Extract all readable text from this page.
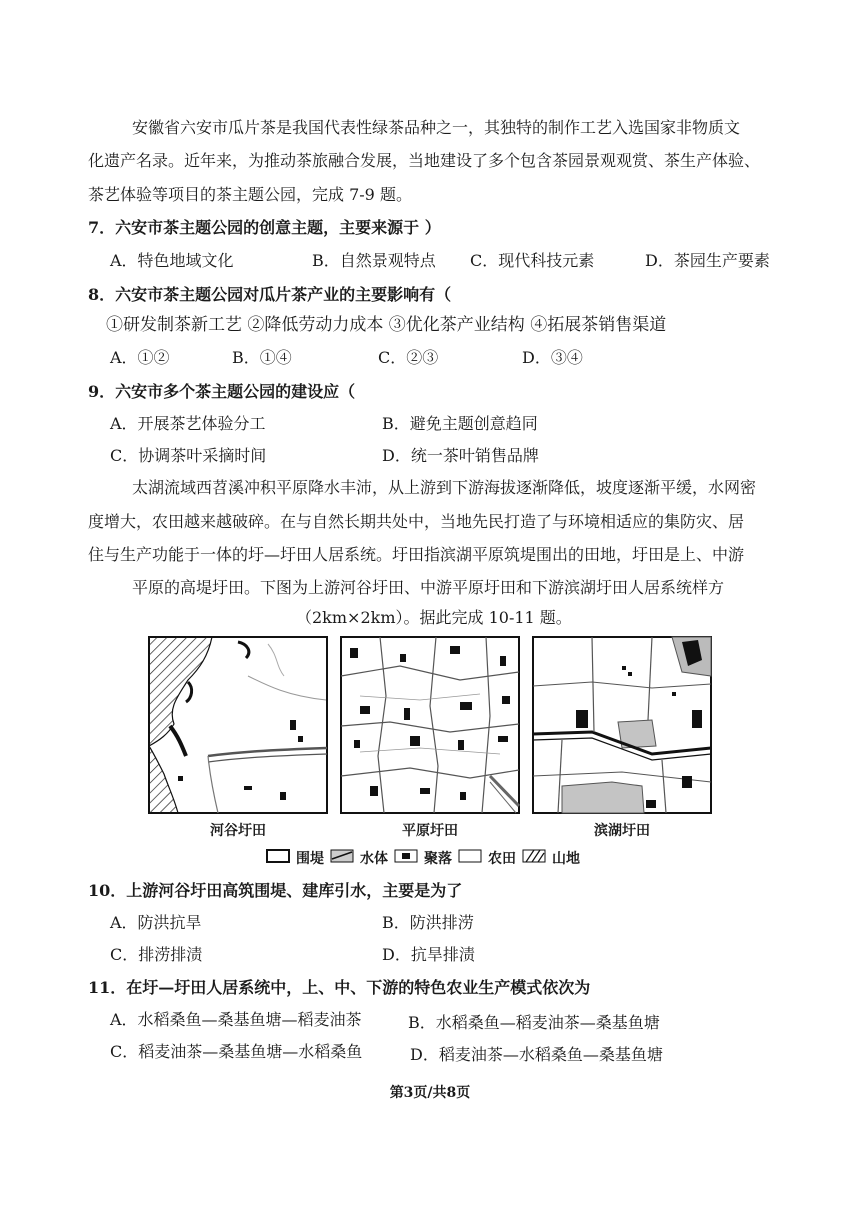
安徽省六安市瓜片茶是我国代表性绿茶品种之一，其独特的制作工艺入选国家非物质文
化遗产名录。近年来，为推动茶旅融合发展，当地建设了多个包含茶园景观观赏、茶生产体验、
茶艺体验等项目的茶主题公园，完成 7-9 题。
7．六安市茶主题公园的创意主题，主要来源于 ）
A．特色地域文化	B．自然景观特点 C．现代科技元素	D．茶园生产要素
8．六安市茶主题公园对瓜片茶产业的主要影响有（
①研发制茶新工艺 ②降低劳动力成本 ③优化茶产业结构 ④拓展茶销售渠道
A．①②	B．①④	C．②③	D．③④
9．六安市多个茶主题公园的建设应（
A．开展茶艺体验分工	B．避免主题创意趋同
C．协调茶叶采摘时间	D．统一茶叶销售品牌
太湖流域西苕溪冲积平原降水丰沛，从上游到下游海拔逐渐降低，坡度逐渐平缓，水网密
度增大，农田越来越破碎。在与自然长期共处中，当地先民打造了与环境相适应的集防灾、居
住与生产功能于一体的圩—圩田人居系统。圩田指滨湖平原筑堤围出的田地，圩田是上、中游
平原的高堤圩田。下图为上游河谷圩田、中游平原圩田和下游滨湖圩田人居系统样方
（2km×2km）。据此完成 10-11 题。
河谷圩田	平原圩田	滨湖圩田
围堤	水体	聚落	农田	山地
10．上游河谷圩田高筑围堤、建库引水，主要是为了
A．防洪抗旱	B．防洪排涝
C．排涝排渍	D．抗旱排渍
11．在圩—圩田人居系统中，上、中、下游的特色农业生产模式依次为
A．水稻桑鱼—桑基鱼塘—稻麦油茶	B．水稻桑鱼—稻麦油茶—桑基鱼塘
C．稻麦油茶—桑基鱼塘—水稻桑鱼	D．稻麦油茶—水稻桑鱼—桑基鱼塘
第3页/共8页
